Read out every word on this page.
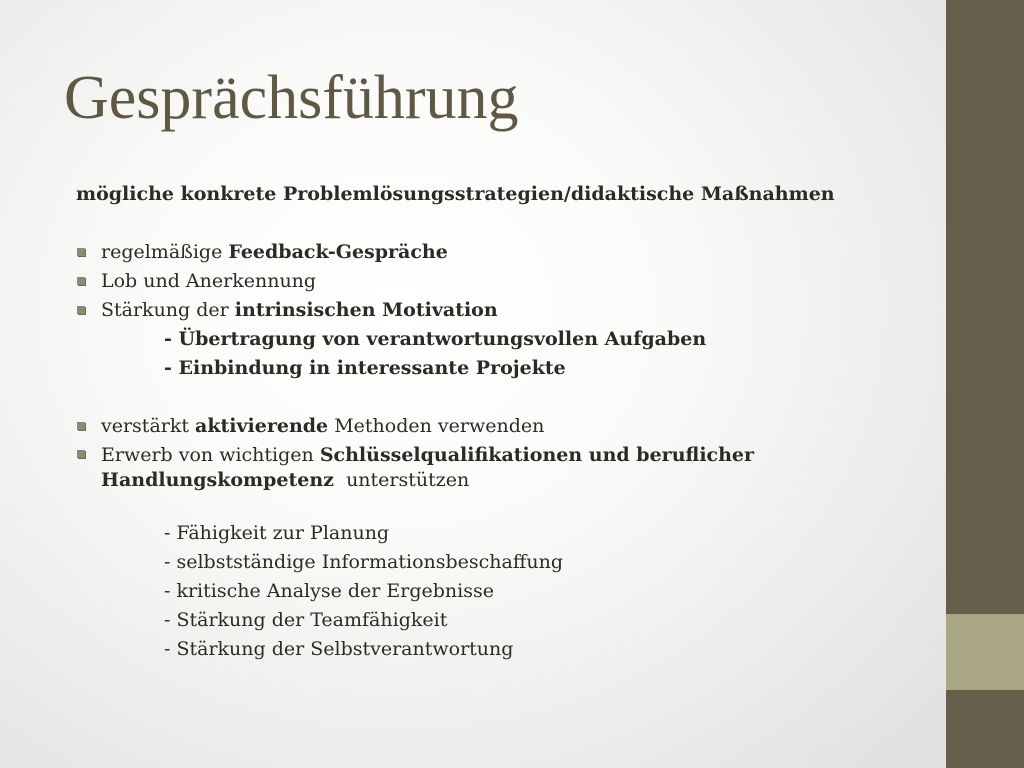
Gesprächsführung
mögliche konkrete Problemlösungsstrategien/didaktische Maßnahmen
regelmäßige Feedback-Gespräche
Lob und Anerkennung
Stärkung der intrinsischen Motivation
- Übertragung von verantwortungsvollen Aufgaben
- Einbindung in interessante Projekte
verstärkt aktivierende Methoden verwenden
Erwerb von wichtigen Schlüsselqualifikationen und beruflicher Handlungskompetenz  unterstützen
- Fähigkeit zur Planung
- selbstständige Informationsbeschaffung
- kritische Analyse der Ergebnisse
- Stärkung der Teamfähigkeit
- Stärkung der Selbstverantwortung
